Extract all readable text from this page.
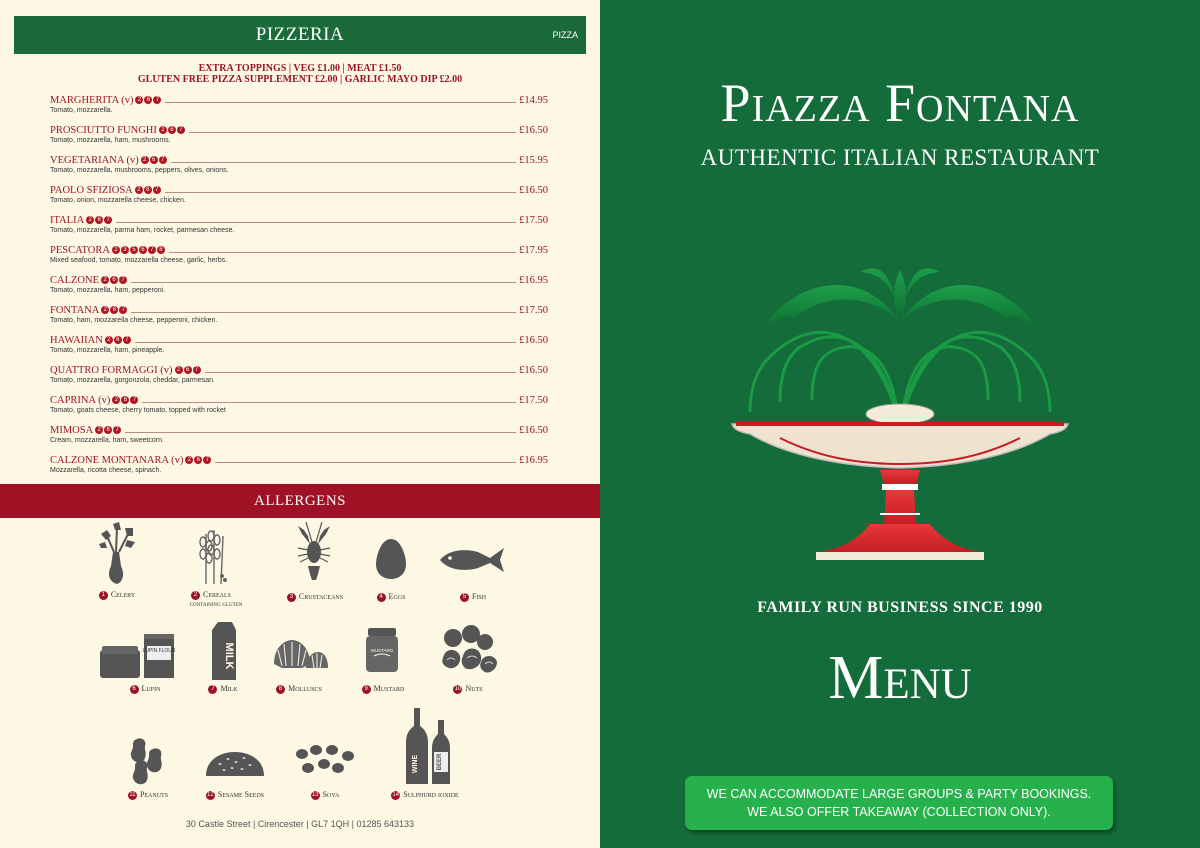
PIZZERIA	PIZZA
EXTRA TOPPINGS | VEG £1.00 | MEAT £1.50
GLUTEN FREE PIZZA SUPPLEMENT £2.00 | GARLIC MAYO DIP £2.00
MARGHERITA (v) 2 6 7	£14.95
Tomato, mozzarella.
PROSCIUTTO FUNGHI 2 6 7	£16.50
Tomato, mozzarella, ham, mushrooms.
VEGETARIANA (v) 2 6 7	£15.95
Tomato, mozzarella, mushrooms, peppers, olives, onions.
PAOLO SFIZIOSA 2 6 7	£16.50
Tomato, onion, mozzarella cheese, chicken.
ITALIA 2 6 7	£17.50
Tomato, mozzarella, parma ham, rocket, parmesan cheese.
PESCATORA 2 3 5 6 7 8	£17.95
Mixed seafood, tomato, mozzarella cheese, garlic, herbs.
CALZONE 2 6 7	£16.95
Tomato, mozzarella, ham, pepperoni.
FONTANA 2 6 7	£17.50
Tomato, ham, mozzarella cheese, pepperoni, chicken.
HAWAIIAN 2 6 7	£16.50
Tomato, mozzarella, ham, pineapple.
QUATTRO FORMAGGI (v) 2 6 7	£16.50
Tomato, mozzarella, gorgonzola, cheddar, parmesan.
CAPRINA (v) 2 6 7	£17.50
Tomato, goats cheese, cherry tomato, topped with rocket
MIMOSA 2 6 7	£16.50
Cream, mozzarella, ham, sweetcorn.
CALZONE MONTANARA (v) 2 6 7	£16.95
Mozzarella, ricotta cheese, spinach.
ALLERGENS
1 Celery	2 Cereals
containing gluten
3 Crustaceans	4 Eggs	5 Fish
LUPIN FLOUR
6 Lupin
MILK
7 Milk	8 Molluscs
MUSTARD
9 Mustard	10 Nuts
11 Peanuts	12 Sesame Seeds	13 Soya
WINE	BEER
14 Sulphurd ioxide
30 Castle Street | Cirencester | GL7 1QH | 01285 643133
Piazza Fontana
AUTHENTIC ITALIAN RESTAURANT
FAMILY RUN BUSINESS SINCE 1990
Menu
WE CAN ACCOMMODATE LARGE GROUPS & PARTY BOOKINGS.
WE ALSO OFFER TAKEAWAY (COLLECTION ONLY).
